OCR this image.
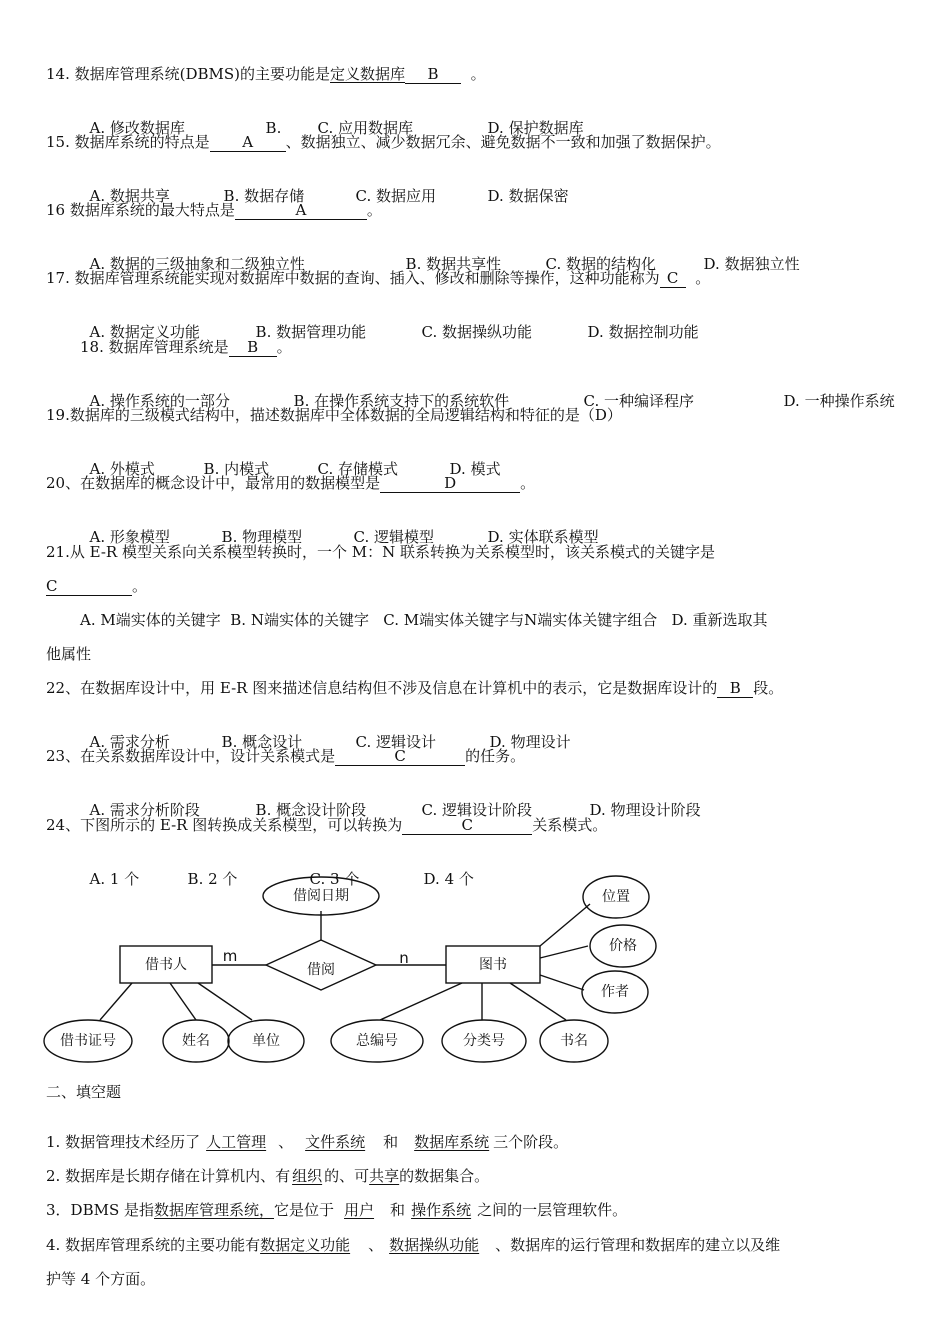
14. 数据库管理系统(DBMS)的主要功能是定义数据库 B 。

A. 修改数据库	B. C. 应用数据库	D. 保护数据库

15. 数据库系统的特点是 A 、数据独立、减少数据冗余、避免数据不一致和加强了数据保护。

A. 数据共享	B. 数据存储	C. 数据应用	D. 数据保密

16 数据库系统的最大特点是	A	。

A. 数据的三级抽象和二级独立性	B. 数据共享性	C. 数据的结构化	D. 数据独立性

17. 数据库管理系统能实现对数据库中数据的查询、插入、修改和删除等操作，这种功能称为 C 。

A. 数据定义功能	B. 数据管理功能	C. 数据操纵功能	D. 数据控制功能

18. 数据库管理系统是 B 。

A. 操作系统的一部分	B. 在操作系统支持下的系统软件	C. 一种编译程序	D. 一种操作系统

19.数据库的三级模式结构中，描述数据库中全体数据的全局逻辑结构和特征的是（D）

A. 外模式	B. 内模式	C. 存储模式	D. 模式

20、在数据库的概念设计中，最常用的数据模型是	D	。

A. 形象模型	B. 物理模型	C. 逻辑模型	D. 实体联系模型

21.从 E-R 模型关系向关系模型转换时，一个 M：N 联系转换为关系模型时，该关系模式的关键字是
C	。
A. M端实体的关键字  B. N端实体的关键字   C. M端实体关键字与N端实体关键字组合   D. 重新选取其
他属性
22、在数据库设计中，用 E-R 图来描述信息结构但不涉及信息在计算机中的表示，它是数据库设计的 B 段。

A. 需求分析	B. 概念设计	C. 逻辑设计	D. 物理设计

23、在关系数据库设计中，设计关系模式是	C	的任务。

A. 需求分析阶段	B. 概念设计阶段	C. 逻辑设计阶段	D. 物理设计阶段

24、下图所示的 E-R 图转换成关系模型，可以转换为	C	关系模式。

A. 1 个	B. 2 个	C. 3 个	D. 4 个

借书人	图书
借阅
借阅日期
m	n
借书证号	姓名	单位	总编号	分类号	书名
位置
价格
作者
二、填空题
1. 数据管理技术经历了 人工管理 、 文件系统 和 数据库系统 三个阶段。
2. 数据库是长期存储在计算机内、有 组织 的、可共享的数据集合。
3．DBMS 是指数据库管理系统，它是位于 用户 和 操作系统 之间的一层管理软件。
4. 数据库管理系统的主要功能有数据定义功能 、 数据操纵功能 、数据库的运行管理和数据库的建立以及维
护等 4 个方面。
